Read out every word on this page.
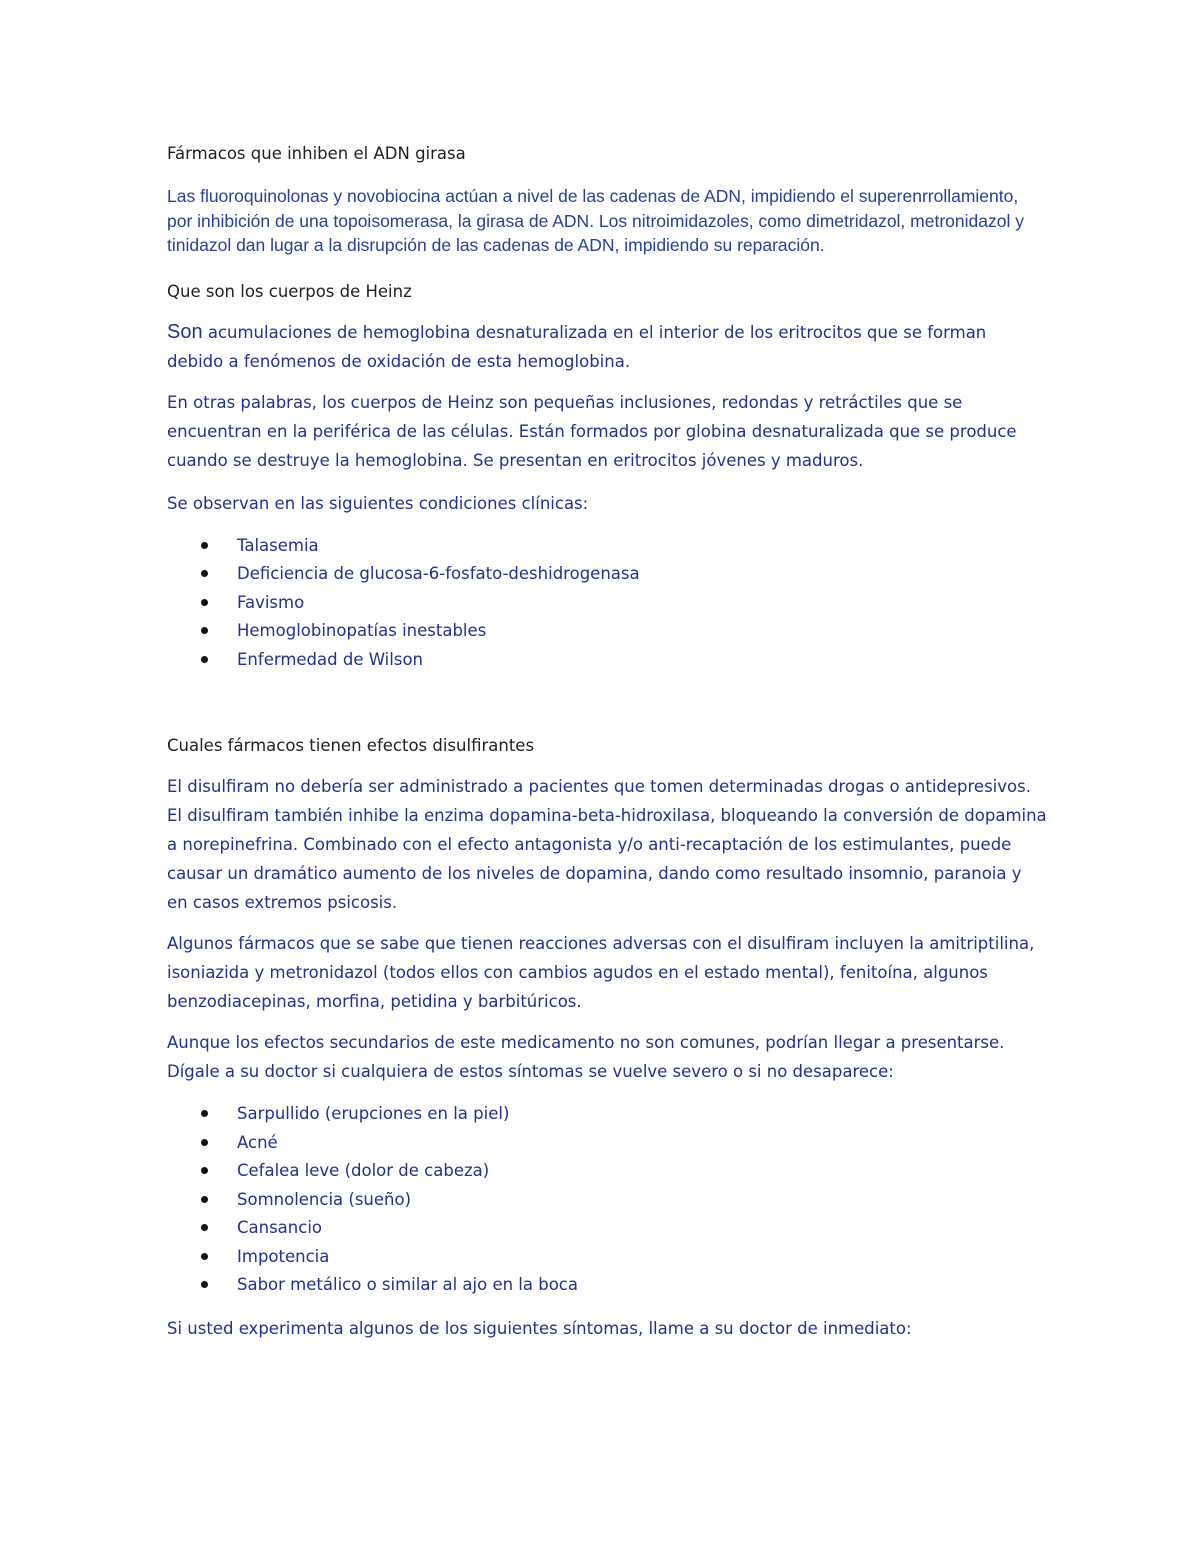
Fármacos que inhiben el ADN girasa

Las fluoroquinolonas y novobiocina actúan a nivel de las cadenas de ADN, impidiendo el superenrrollamiento, por inhibición de una topoisomerasa, la girasa de ADN. Los nitroimidazoles, como dimetridazol, metronidazol y tinidazol dan lugar a la disrupción de las cadenas de ADN, impidiendo su reparación.

Que son los cuerpos de Heinz

Son acumulaciones de hemoglobina desnaturalizada en el interior de los eritrocitos que se forman debido a fenómenos de oxidación de esta hemoglobina.

En otras palabras, los cuerpos de Heinz son pequeñas inclusiones, redondas y retráctiles que se encuentran en la periférica de las células. Están formados por globina desnaturalizada que se produce cuando se destruye la hemoglobina. Se presentan en eritrocitos jóvenes y maduros.

Se observan en las siguientes condiciones clínicas:

Talasemia
Deficiencia de glucosa-6-fosfato-deshidrogenasa
Favismo
Hemoglobinopatías inestables
Enfermedad de Wilson

Cuales fármacos tienen efectos disulfirantes

El disulfiram no debería ser administrado a pacientes que tomen determinadas drogas o antidepresivos. El disulfiram también inhibe la enzima dopamina-beta-hidroxilasa, bloqueando la conversión de dopamina a norepinefrina. Combinado con el efecto antagonista y/o anti-recaptación de los estimulantes, puede causar un dramático aumento de los niveles de dopamina, dando como resultado insomnio, paranoia y en casos extremos psicosis.

Algunos fármacos que se sabe que tienen reacciones adversas con el disulfiram incluyen la amitriptilina, isoniazida y metronidazol (todos ellos con cambios agudos en el estado mental), fenitoína, algunos benzodiacepinas, morfina, petidina y barbitúricos.

Aunque los efectos secundarios de este medicamento no son comunes, podrían llegar a presentarse. Dígale a su doctor si cualquiera de estos síntomas se vuelve severo o si no desaparece:

Sarpullido (erupciones en la piel)
Acné
Cefalea leve (dolor de cabeza)
Somnolencia (sueño)
Cansancio
Impotencia
Sabor metálico o similar al ajo en la boca

Si usted experimenta algunos de los siguientes síntomas, llame a su doctor de inmediato:
